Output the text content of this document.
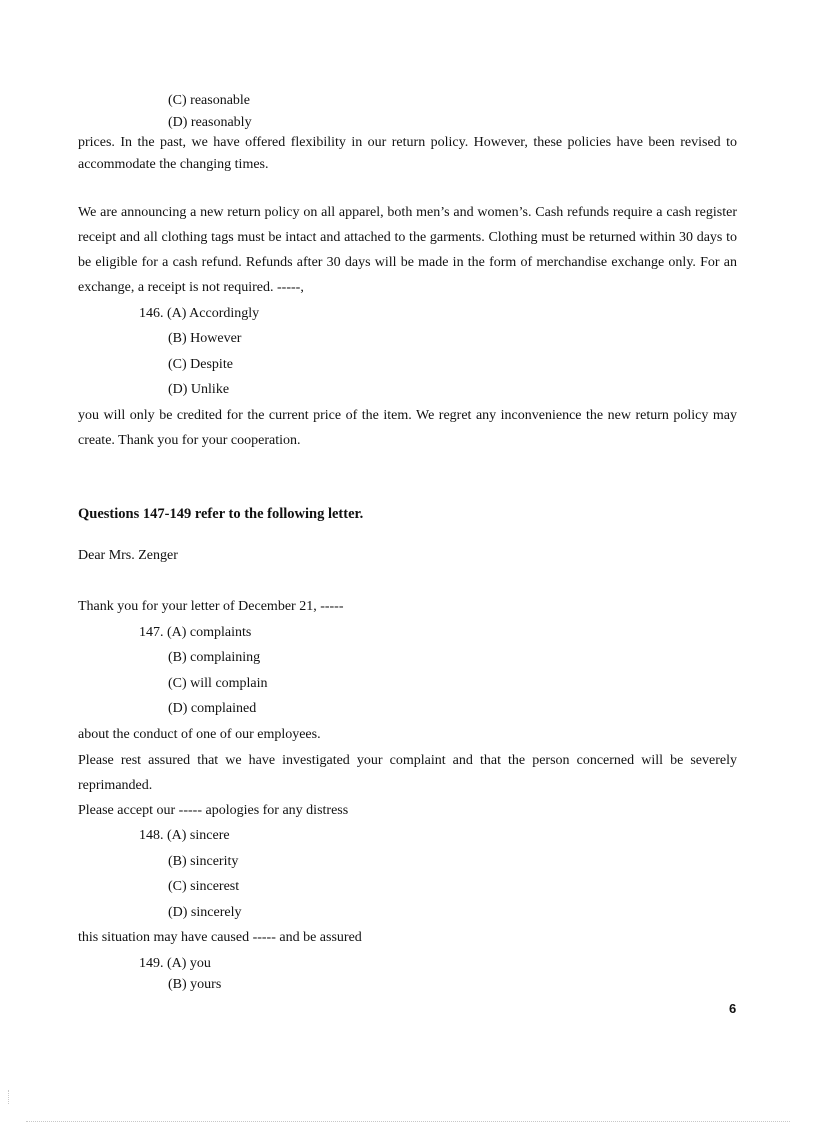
(C) reasonable
(D) reasonably
prices. In the past, we have offered flexibility in our return policy. However, these policies have been revised to accommodate the changing times.
We are announcing a new return policy on all apparel, both men’s and women’s. Cash refunds require a cash register receipt and all clothing tags must be intact and attached to the garments. Clothing must be returned within 30 days to be eligible for a cash refund. Refunds after 30 days will be made in the form of merchandise exchange only. For an exchange, a receipt is not required. -----,
146. (A) Accordingly
(B) However
(C) Despite
(D) Unlike
you will only be credited for the current price of the item. We regret any inconvenience the new return policy may create. Thank you for your cooperation.
Questions 147-149 refer to the following letter.
Dear Mrs. Zenger
Thank you for your letter of December 21, -----
147. (A) complaints
(B) complaining
(C) will complain
(D) complained
about the conduct of one of our employees.
Please rest assured that we have investigated your complaint and that the person concerned will be severely reprimanded.
Please accept our ----- apologies for any distress
148. (A) sincere
(B) sincerity
(C) sincerest
(D) sincerely
this situation may have caused ----- and be assured
149. (A) you
(B) yours
6
